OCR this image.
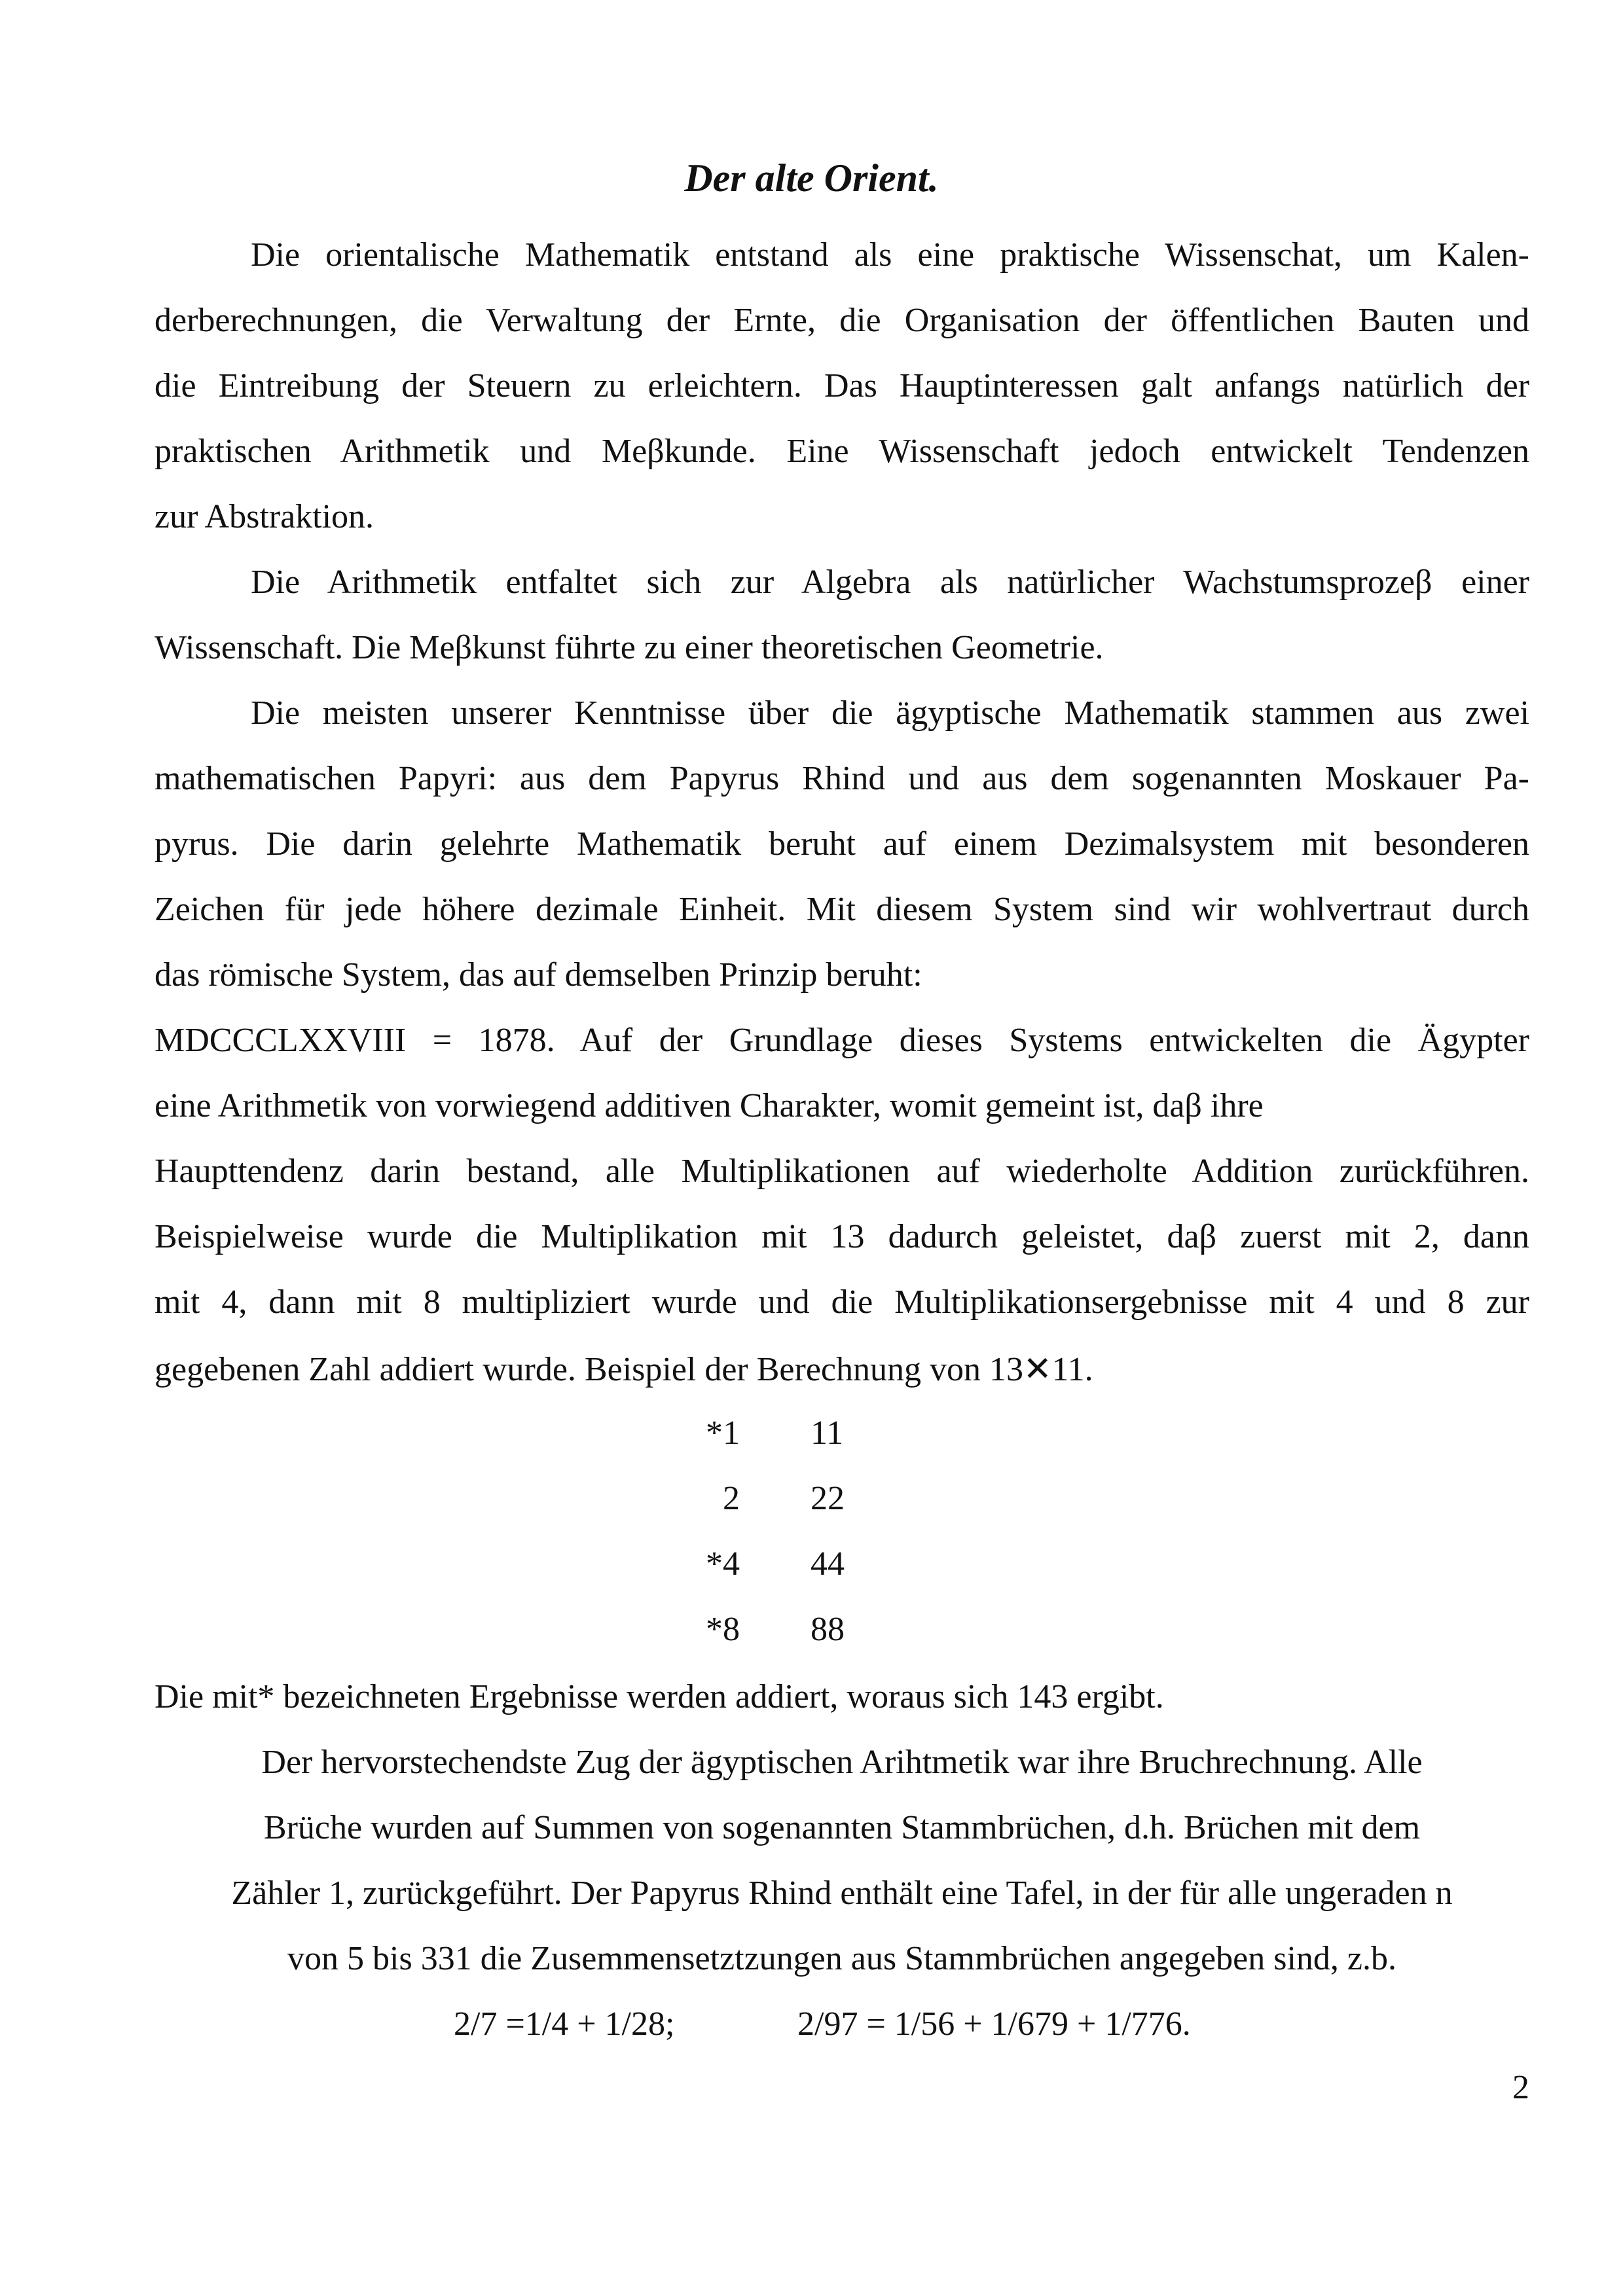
Der alte Orient.
Die orientalische Mathematik entstand als eine praktische Wissenschat, um Kalen-
derberechnungen, die Verwaltung der Ernte, die Organisation der öffentlichen Bauten und
die Eintreibung der Steuern zu erleichtern. Das Hauptinteressen galt anfangs natürlich der
praktischen Arithmetik und Meβkunde. Eine Wissenschaft jedoch entwickelt Tendenzen
zur Abstraktion.
Die Arithmetik entfaltet sich zur Algebra als natürlicher Wachstumsprozeβ einer
Wissenschaft. Die Meβkunst führte zu einer theoretischen Geometrie.
Die meisten unserer Kenntnisse über die ägyptische Mathematik stammen aus zwei
mathematischen Papyri: aus dem Papyrus Rhind und aus dem sogenannten Moskauer Pa-
pyrus. Die darin gelehrte Mathematik beruht auf einem Dezimalsystem mit besonderen
Zeichen für jede höhere dezimale Einheit. Mit diesem System sind wir wohlvertraut durch
das römische System, das auf demselben Prinzip beruht:
MDCCCLXXVIII = 1878. Auf der Grundlage dieses Systems entwickelten die Ägypter
eine Arithmetik von vorwiegend additiven Charakter, womit gemeint ist, daβ ihre
Haupttendenz darin bestand, alle Multiplikationen auf wiederholte Addition zurückführen.
Beispielweise wurde die Multiplikation mit 13 dadurch geleistet, daβ zuerst mit 2, dann
mit 4, dann mit 8 multipliziert wurde und die Multiplikationsergebnisse mit 4 und 8 zur
gegebenen Zahl addiert wurde. Beispiel der Berechnung von 13✕11.
*1 11
2 22
*4 44
*8 88
Die mit* bezeichneten Ergebnisse werden addiert, woraus sich 143 ergibt.
Der hervorstechendste Zug der ägyptischen Arihtmetik war ihre Bruchrechnung. Alle
Brüche wurden auf Summen von sogenannten Stammbrüchen, d.h. Brüchen mit dem
Zähler 1, zurückgeführt. Der Papyrus Rhind enthält eine Tafel, in der für alle ungeraden n
von 5 bis 331 die Zusemmensetztzungen aus Stammbrüchen angegeben sind, z.b.
2/7 =1/4 + 1/28;	2/97 = 1/56 + 1/679 + 1/776.
2
